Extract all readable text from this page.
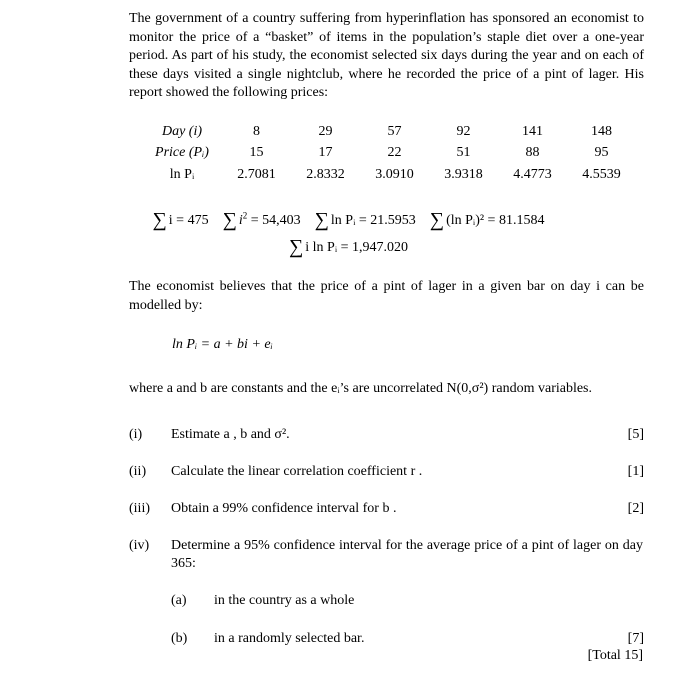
The government of a country suffering from hyperinflation has sponsored an economist to monitor the price of a “basket” of items in the population’s staple diet over a one-year period. As part of his study, the economist selected six days during the year and on each of these days visited a single nightclub, where he recorded the price of a pint of lager. His report showed the following prices:
Day (i)	8	29	57	92	141	148
Price (Pᵢ)	15	17	22	51	88	95
ln Pᵢ	2.7081	2.8332	3.0910	3.9318	4.4773	4.5539
∑ i = 475 ∑ $i^2 = 54,403$ ∑ ln Pᵢ = 21.5953 ∑ (ln Pᵢ)² = 81.1584
∑ i ln Pᵢ = 1,947.020
The economist believes that the price of a pint of lager in a given bar on day i can be modelled by:
ln Pᵢ = a + bi + eᵢ
where a and b are constants and the eᵢ’s are uncorrelated N(0,σ²) random variables.
(i) Estimate a , b and σ².	[5]
(ii) Calculate the linear correlation coefficient r .	[1]
(iii) Obtain a 99% confidence interval for b .	[2]
(iv) Determine a 95% confidence interval for the average price of a pint of lager on day 365:
(a) in the country as a whole
(b) in a randomly selected bar.	[7]
[Total 15]
